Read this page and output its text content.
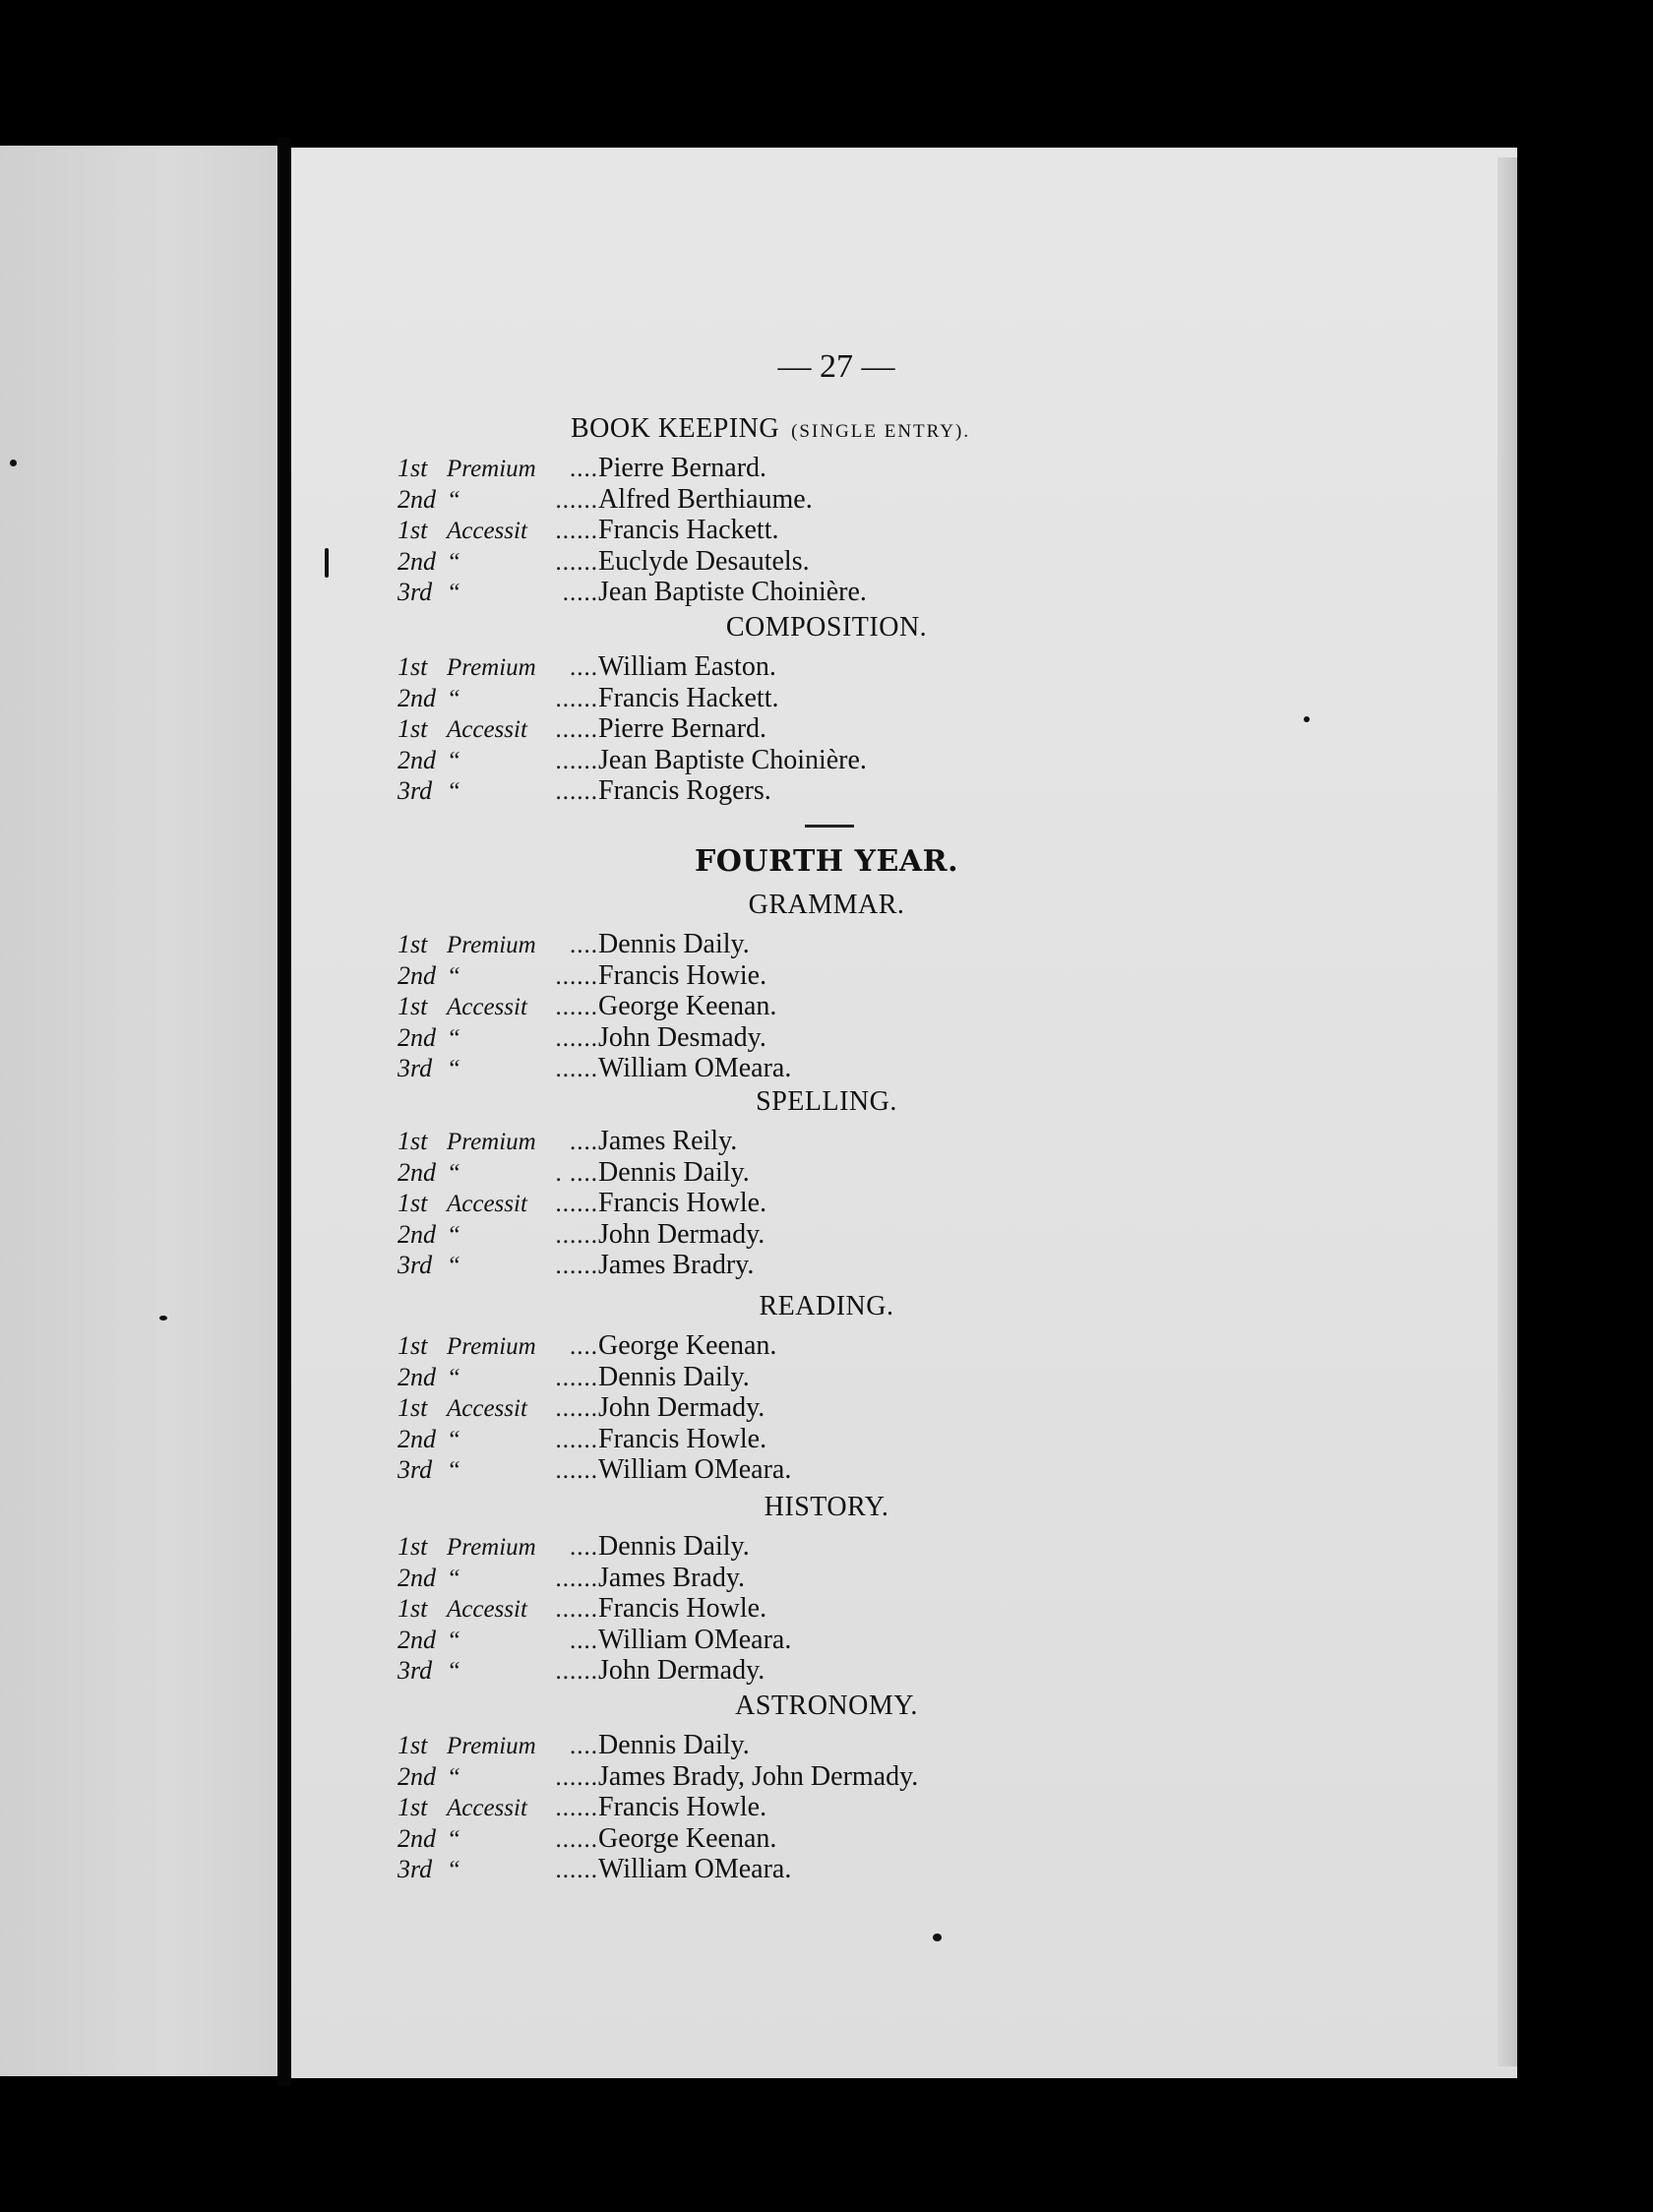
— 27 —
BOOK KEEPING (SINGLE ENTRY).
1st Premium ....Pierre Bernard.
2nd “	......Alfred Berthiaume.
1st Accessit ......Francis Hackett.
2nd “	......Euclyde Desautels.
3rd “	.....Jean Baptiste Choinière.
COMPOSITION.
1st Premium ....William Easton.
2nd “	......Francis Hackett.
1st Accessit ......Pierre Bernard.
2nd “	......Jean Baptiste Choinière.
3rd “	......Francis Rogers.
FOURTH YEAR.
GRAMMAR.
1st Premium ....Dennis Daily.
2nd “	......Francis Howie.
1st Accessit ......George Keenan.
2nd “	......John Desmady.
3rd “	......William OMeara.
SPELLING.
1st Premium ....James Reily.
2nd “	. ....Dennis Daily.
1st Accessit ......Francis Howle.
2nd “	......John Dermady.
3rd “	......James Bradry.
READING.
1st Premium ....George Keenan.
2nd “	......Dennis Daily.
1st Accessit ......John Dermady.
2nd “	......Francis Howle.
3rd “	......William OMeara.
HISTORY.
1st Premium ....Dennis Daily.
2nd “	......James Brady.
1st Accessit ......Francis Howle.
2nd “	....William OMeara.
3rd “	......John Dermady.
ASTRONOMY.
1st Premium ....Dennis Daily.
2nd “	......James Brady, John Dermady.
1st Accessit ......Francis Howle.
2nd “	......George Keenan.
3rd “	......William OMeara.
